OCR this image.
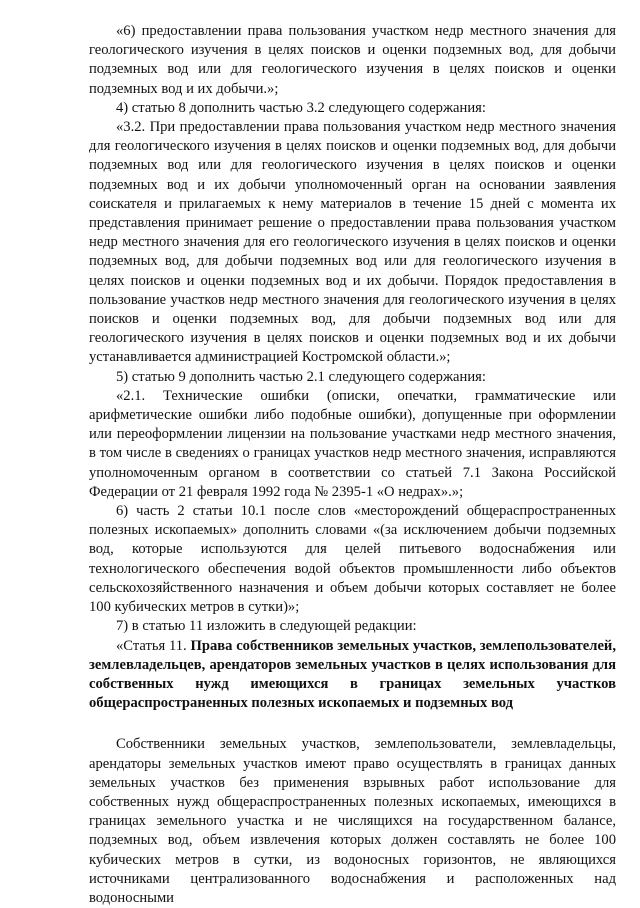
«6) предоставлении права пользования участком недр местного значения для геологического изучения в целях поисков и оценки подземных вод, для добычи подземных вод или для геологического изучения в целях поисков и оценки подземных вод и их добычи.»;

4) статью 8 дополнить частью 3.2 следующего содержания:

«3.2. При предоставлении права пользования участком недр местного значения для геологического изучения в целях поисков и оценки подземных вод, для добычи подземных вод или для геологического изучения в целях поисков и оценки подземных вод и их добычи уполномоченный орган на основании заявления соискателя и прилагаемых к нему материалов в течение 15 дней с момента их представления принимает решение о предоставлении права пользования участком недр местного значения для его геологического изучения в целях поисков и оценки подземных вод, для добычи подземных вод или для геологического изучения в целях поисков и оценки подземных вод и их добычи. Порядок предоставления в пользование участков недр местного значения для геологического изучения в целях поисков и оценки подземных вод, для добычи подземных вод или для геологического изучения в целях поисков и оценки подземных вод и их добычи устанавливается администрацией Костромской области.»;

5) статью 9 дополнить частью 2.1 следующего содержания:

«2.1. Технические ошибки (описки, опечатки, грамматические или арифметические ошибки либо подобные ошибки), допущенные при оформлении или переоформлении лицензии на пользование участками недр местного значения, в том числе в сведениях о границах участков недр местного значения, исправляются уполномоченным органом в соответствии со статьей 7.1 Закона Российской Федерации от 21 февраля 1992 года № 2395-1 «О недрах».»;

6) часть 2 статьи 10.1 после слов «месторождений общераспространенных полезных ископаемых» дополнить словами «(за исключением добычи подземных вод, которые используются для целей питьевого водоснабжения или технологического обеспечения водой объектов промышленности либо объектов сельскохозяйственного назначения и объем добычи которых составляет не более 100 кубических метров в сутки)»;

7) в статью 11 изложить в следующей редакции:

«Статья 11. Права собственников земельных участков, землепользователей, землевладельцев, арендаторов земельных участков в целях использования для собственных нужд имеющихся в границах земельных участков общераспространенных полезных ископаемых и подземных вод

Собственники земельных участков, землепользователи, землевладельцы, арендаторы земельных участков имеют право осуществлять в границах данных земельных участков без применения взрывных работ использование для собственных нужд общераспространенных полезных ископаемых, имеющихся в границах земельного участка и не числящихся на государственном балансе, подземных вод, объем извлечения которых должен составлять не более 100 кубических метров в сутки, из водоносных горизонтов, не являющихся источниками централизованного водоснабжения и расположенных над водоносными
